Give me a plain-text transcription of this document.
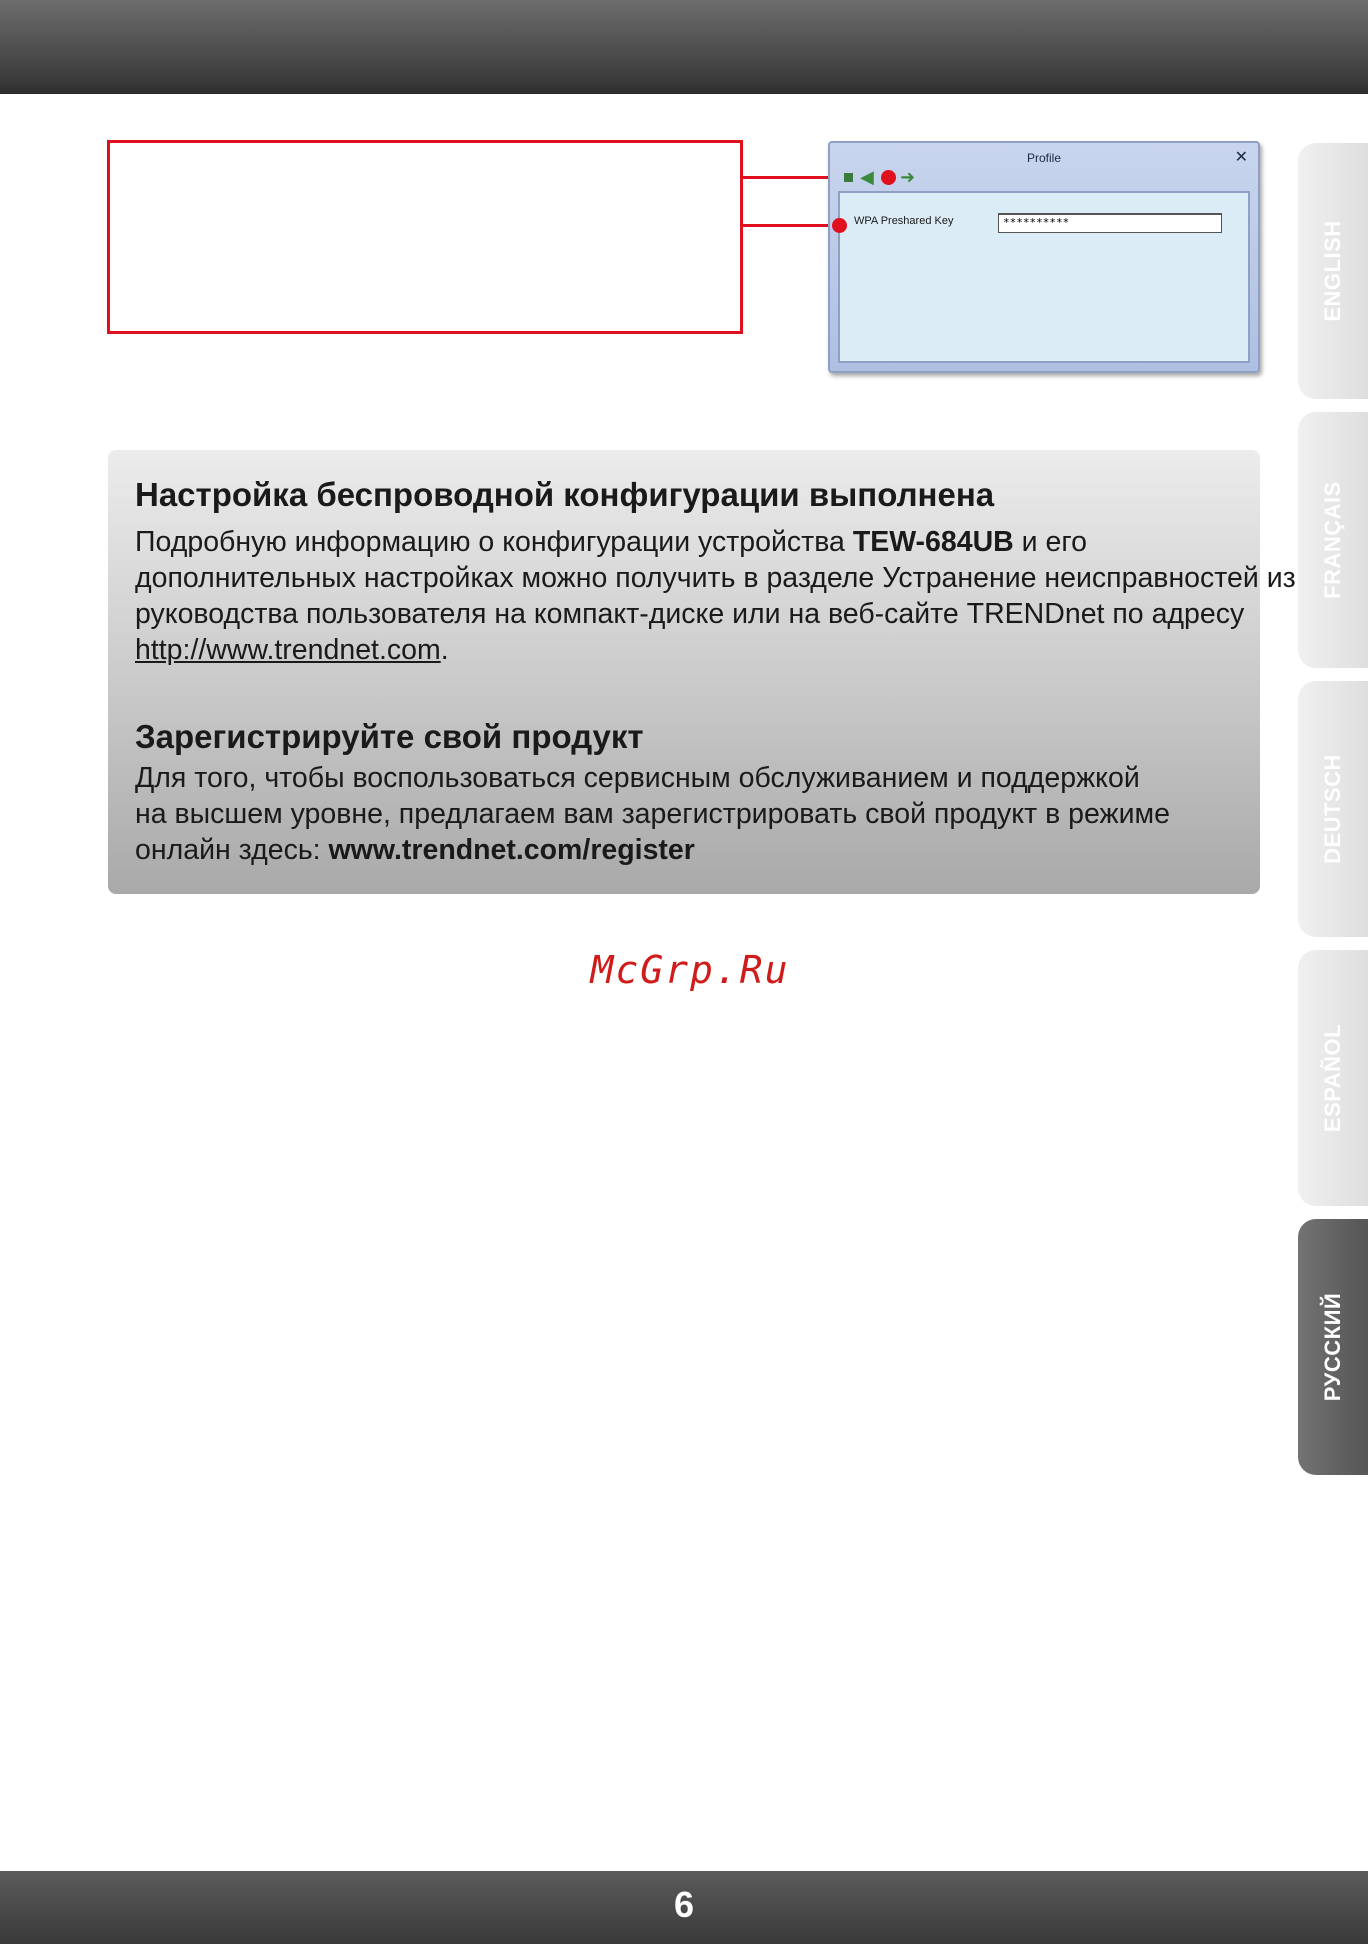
Profile	✕
◀ ➜
WPA Preshared Key	**********
Настройка беспроводной конфигурации выполнена
Подробную информацию о конфигурации устройства TEW-684UB и его
дополнительных настройках можно получить в разделе Устранение неисправностей из
руководства пользователя на компакт-диске или на веб-сайте TRENDnet по адресу
http://www.trendnet.com.
Зарегистрируйте свой продукт
Для того, чтобы воспользоваться сервисным обслуживанием и поддержкой
на высшем уровне, предлагаем вам зарегистрировать свой продукт в режиме
онлайн здесь: www.trendnet.com/register
McGrp.Ru
ENGLISH
FRANÇAIS
DEUTSCH
ESPAÑOL
РУССКИЙ
6
